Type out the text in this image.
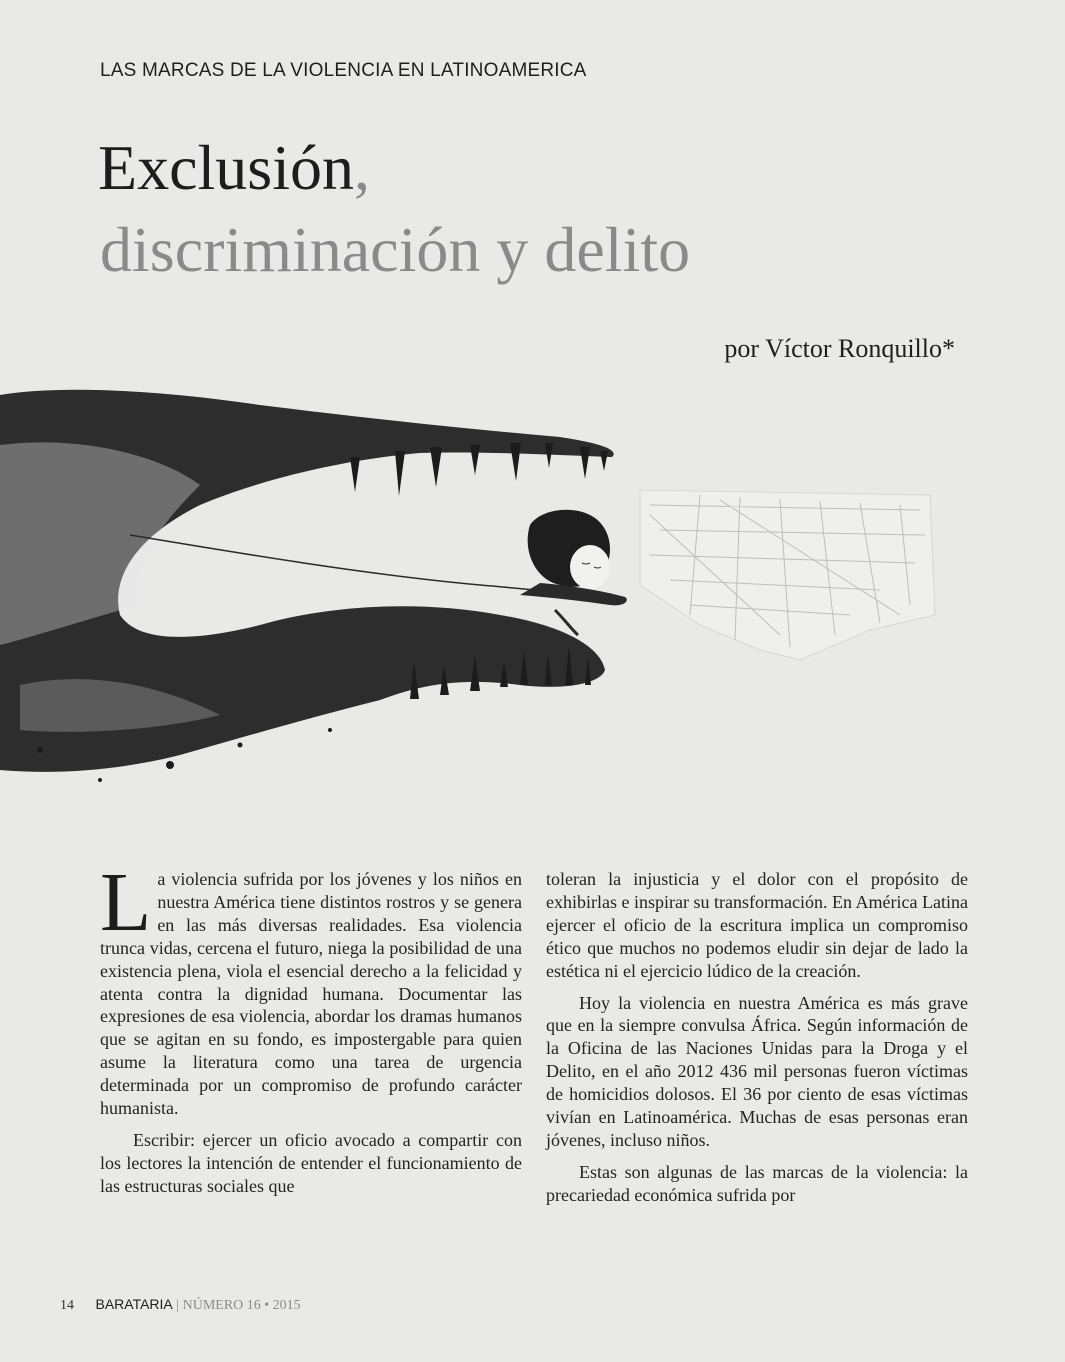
LAS MARCAS DE LA VIOLENCIA EN LATINOAMERICA
Exclusión,
discriminación y delito
por Víctor Ronquillo*

La violencia sufrida por los jóvenes y los niños en nuestra América tiene distintos rostros y se genera en las más diversas realidades. Esa violencia trunca vidas, cercena el futuro, niega la posibilidad de una existencia plena, viola el esencial derecho a la felicidad y atenta contra la dignidad humana. Documentar las expresiones de esa violencia, abordar los dramas humanos que se agitan en su fondo, es impostergable para quien asume la literatura como una tarea de urgencia determinada por un compromiso de profundo carácter humanista.

Escribir: ejercer un oficio avocado a compartir con los lectores la intención de entender el funcionamiento de las estructuras sociales que

toleran la injusticia y el dolor con el propósito de exhibirlas e inspirar su transformación. En América Latina ejercer el oficio de la escritura implica un compromiso ético que muchos no podemos eludir sin dejar de lado la estética ni el ejercicio lúdico de la creación.

Hoy la violencia en nuestra América es más grave que en la siempre convulsa África. Según información de la Oficina de las Naciones Unidas para la Droga y el Delito, en el año 2012 436 mil personas fueron víctimas de homicidios dolosos. El 36 por ciento de esas víctimas vivían en Latinoamérica. Muchas de esas personas eran jóvenes, incluso niños.

Estas son algunas de las marcas de la violencia: la precariedad económica sufrida por

14 BARATARIA | NÚMERO 16 • 2015
